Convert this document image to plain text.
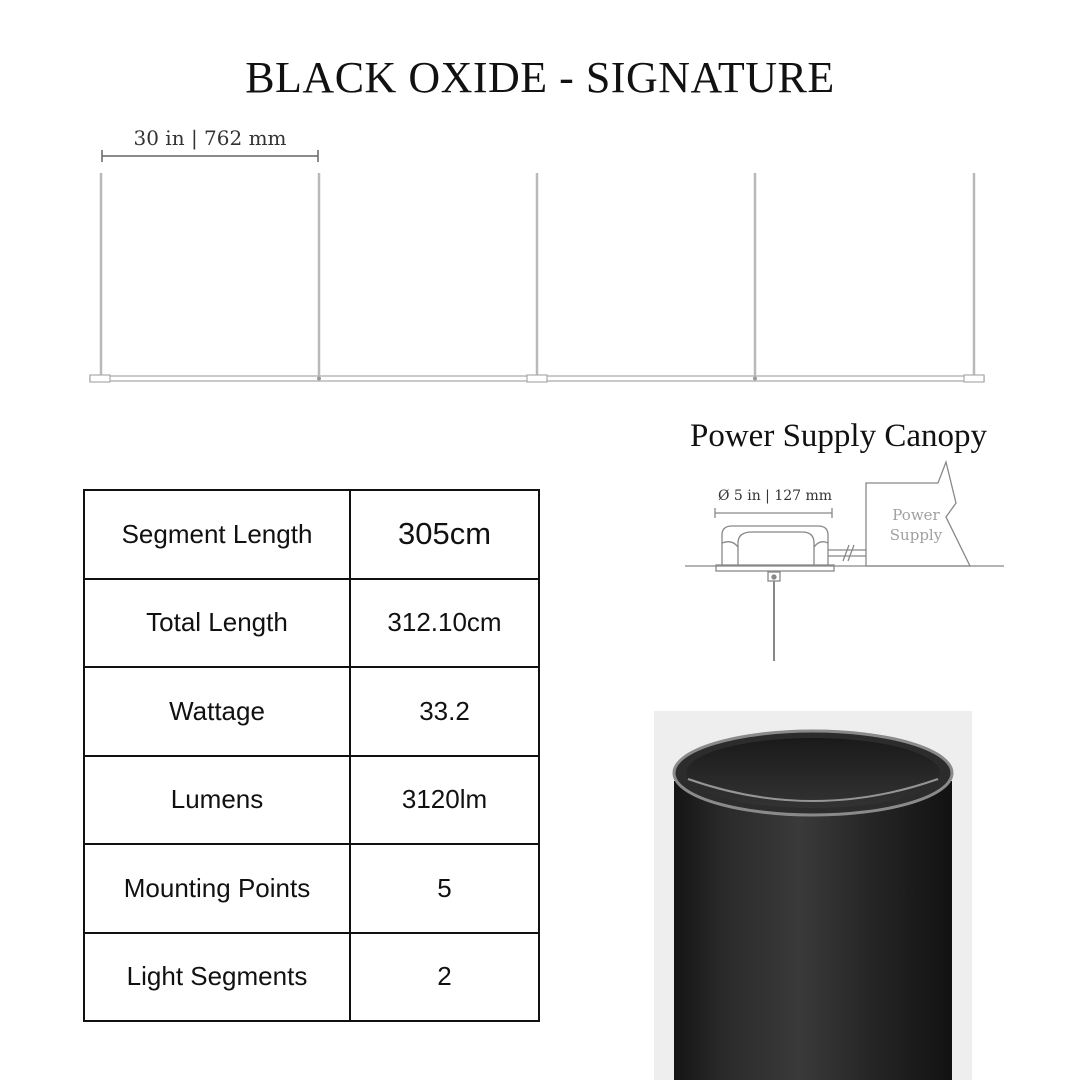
BLACK OXIDE - SIGNATURE
30 in | 762 mm
Power Supply Canopy
Ø 5 in | 127 mm
Power
Supply
Segment Length	305cm
Total Length	312.10cm
Wattage	33.2
Lumens	3120lm
Mounting Points	5
Light Segments	2
